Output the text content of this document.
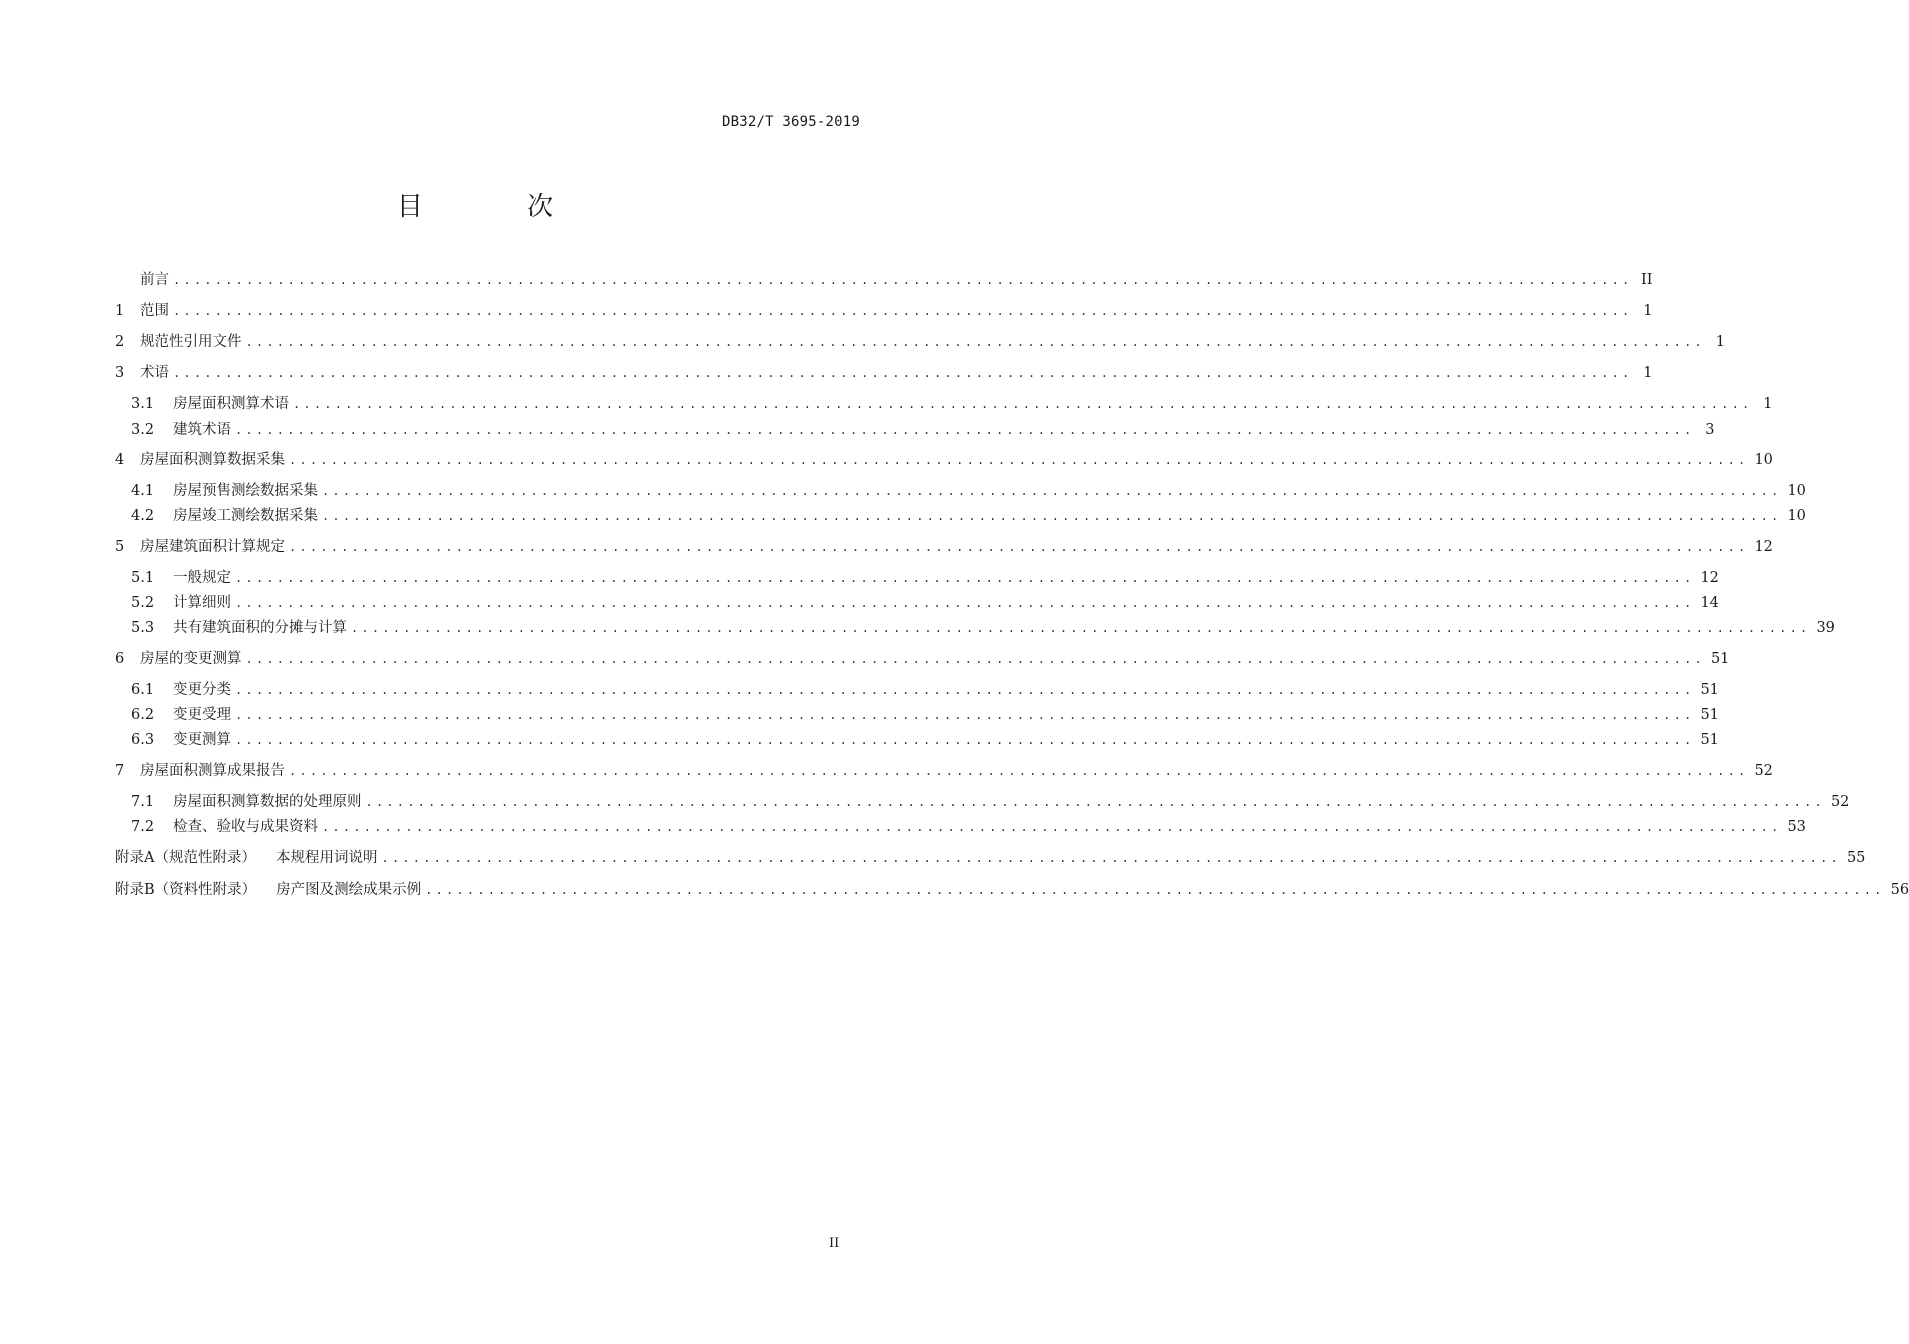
DB32/T 3695-2019
目 次
前言 ............................................................................................................................................ II
1	范围 ............................................................................................................................................ 1
2	规范性引用文件 ............................................................................................................................................ 1
3	术语 ............................................................................................................................................ 1
3.1	房屋面积测算术语 ............................................................................................................................................ 1
3.2	建筑术语 ............................................................................................................................................ 3
4	房屋面积测算数据采集 ............................................................................................................................................ 10
4.1	房屋预售测绘数据采集 ............................................................................................................................................ 10
4.2	房屋竣工测绘数据采集 ............................................................................................................................................ 10
5	房屋建筑面积计算规定 ............................................................................................................................................ 12
5.1	一般规定 ............................................................................................................................................ 12
5.2	计算细则 ............................................................................................................................................ 14
5.3	共有建筑面积的分摊与计算 ............................................................................................................................................ 39
6	房屋的变更测算 ............................................................................................................................................ 51
6.1	变更分类 ............................................................................................................................................ 51
6.2	变更受理 ............................................................................................................................................ 51
6.3	变更测算 ............................................................................................................................................ 51
7	房屋面积测算成果报告 ............................................................................................................................................ 52
7.1	房屋面积测算数据的处理原则 ............................................................................................................................................ 52
7.2	检查、验收与成果资料 ............................................................................................................................................ 53
附录A（规范性附录）	本规程用词说明 ............................................................................................................................................ 55
附录B（资料性附录）	房产图及测绘成果示例 ............................................................................................................................................ 56
II
